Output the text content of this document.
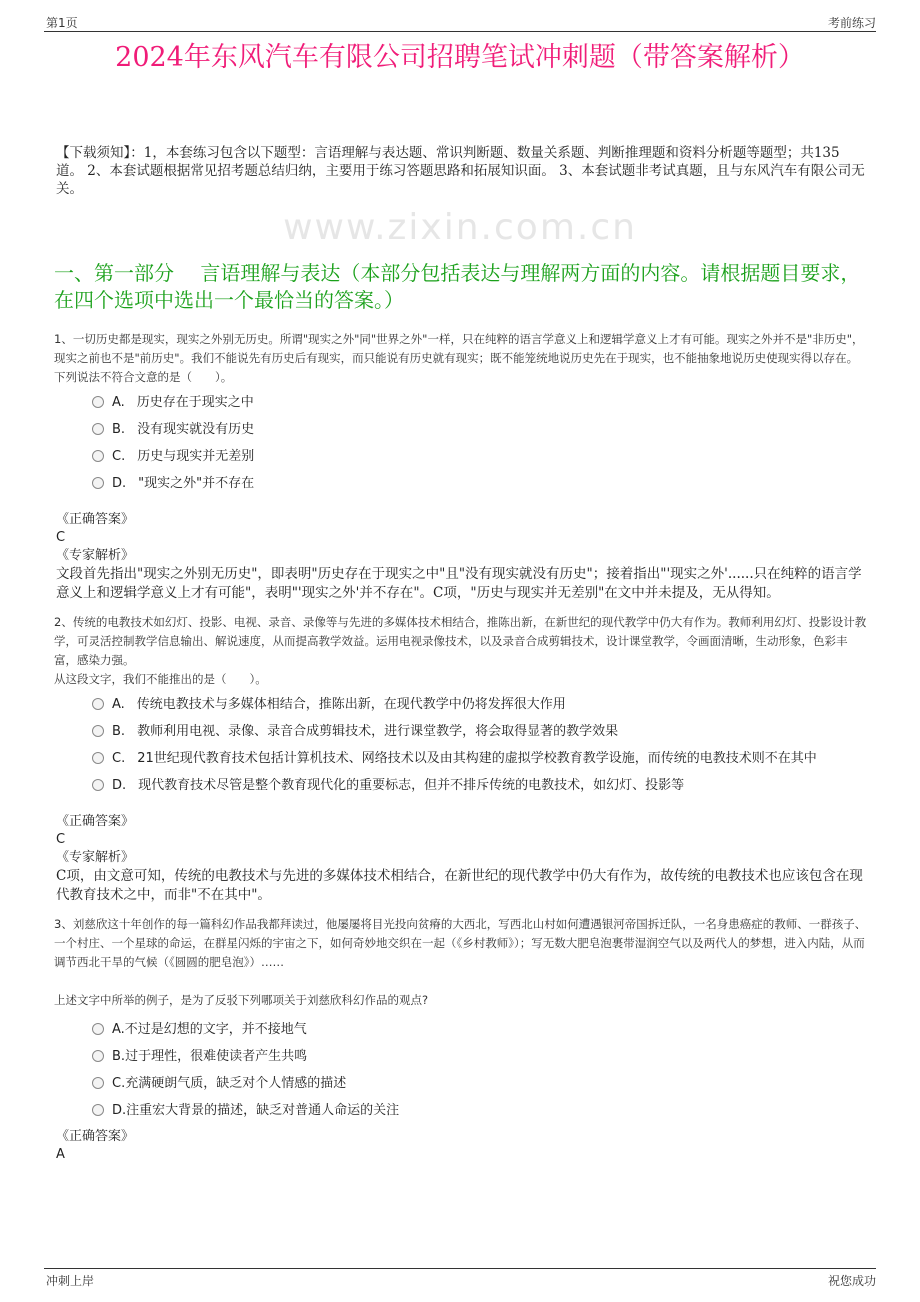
第1页	考前练习
www.zixin.com.cn
2024年东风汽车有限公司招聘笔试冲刺题（带答案解析）
【下载须知】：1，本套练习包含以下题型：言语理解与表达题、常识判断题、数量关系题、判断推理题和资料分析题等题型；共135道。 2、本套试题根据常见招考题总结归纳，主要用于练习答题思路和拓展知识面。 3、本套试题非考试真题，且与东风汽车有限公司无关。
一、第一部分　 言语理解与表达（本部分包括表达与理解两方面的内容。请根据题目要求，在四个选项中选出一个最恰当的答案。）
1、一切历史都是现实，现实之外别无历史。所谓"现实之外"同"世界之外"一样，只在纯粹的语言学意义上和逻辑学意义上才有可能。现实之外并不是"非历史"，现实之前也不是"前历史"。我们不能说先有历史后有现实，而只能说有历史就有现实；既不能笼统地说历史先在于现实，也不能抽象地说历史使现实得以存在。
下列说法不符合文意的是（　　）。
A. 历史存在于现实之中
B. 没有现实就没有历史
C. 历史与现实并无差别
D. "现实之外"并不存在
《正确答案》
C
《专家解析》
文段首先指出"现实之外别无历史"，即表明"历史存在于现实之中"且"没有现实就没有历史"；接着指出"'现实之外'......只在纯粹的语言学意义上和逻辑学意义上才有可能"，表明"'现实之外'并不存在"。C项，"历史与现实并无差别"在文中并未提及，无从得知。
2、传统的电教技术如幻灯、投影、电视、录音、录像等与先进的多媒体技术相结合，推陈出新，在新世纪的现代教学中仍大有作为。教师利用幻灯、投影设计教学，可灵活控制教学信息输出、解说速度，从而提高教学效益。运用电视录像技术，以及录音合成剪辑技术，设计课堂教学，令画面清晰，生动形象，色彩丰富，感染力强。
从这段文字，我们不能推出的是（　　）。
A. 传统电教技术与多媒体相结合，推陈出新，在现代教学中仍将发挥很大作用
B. 教师利用电视、录像、录音合成剪辑技术，进行课堂教学，将会取得显著的教学效果
C. 21世纪现代教育技术包括计算机技术、网络技术以及由其构建的虚拟学校教育教学设施，而传统的电教技术则不在其中
D. 现代教育技术尽管是整个教育现代化的重要标志，但并不排斥传统的电教技术，如幻灯、投影等
《正确答案》
C
《专家解析》
C项，由文意可知，传统的电教技术与先进的多媒体技术相结合，在新世纪的现代教学中仍大有作为，故传统的电教技术也应该包含在现代教育技术之中，而非"不在其中"。
3、刘慈欣这十年创作的每一篇科幻作品我都拜读过，他屡屡将目光投向贫瘠的大西北，写西北山村如何遭遇银河帝国拆迁队，一名身患癌症的教师、一群孩子、一个村庄、一个星球的命运，在群星闪烁的宇宙之下，如何奇妙地交织在一起（《乡村教师》）；写无数大肥皂泡裹带湿润空气以及两代人的梦想，进入内陆，从而调节西北干旱的气候（《圆圆的肥皂泡》）……

上述文字中所举的例子，是为了反驳下列哪项关于刘慈欣科幻作品的观点?
A.不过是幻想的文字，并不接地气
B.过于理性，很难使读者产生共鸣
C.充满硬朗气质，缺乏对个人情感的描述
D.注重宏大背景的描述，缺乏对普通人命运的关注
《正确答案》
A
冲刺上岸	祝您成功
